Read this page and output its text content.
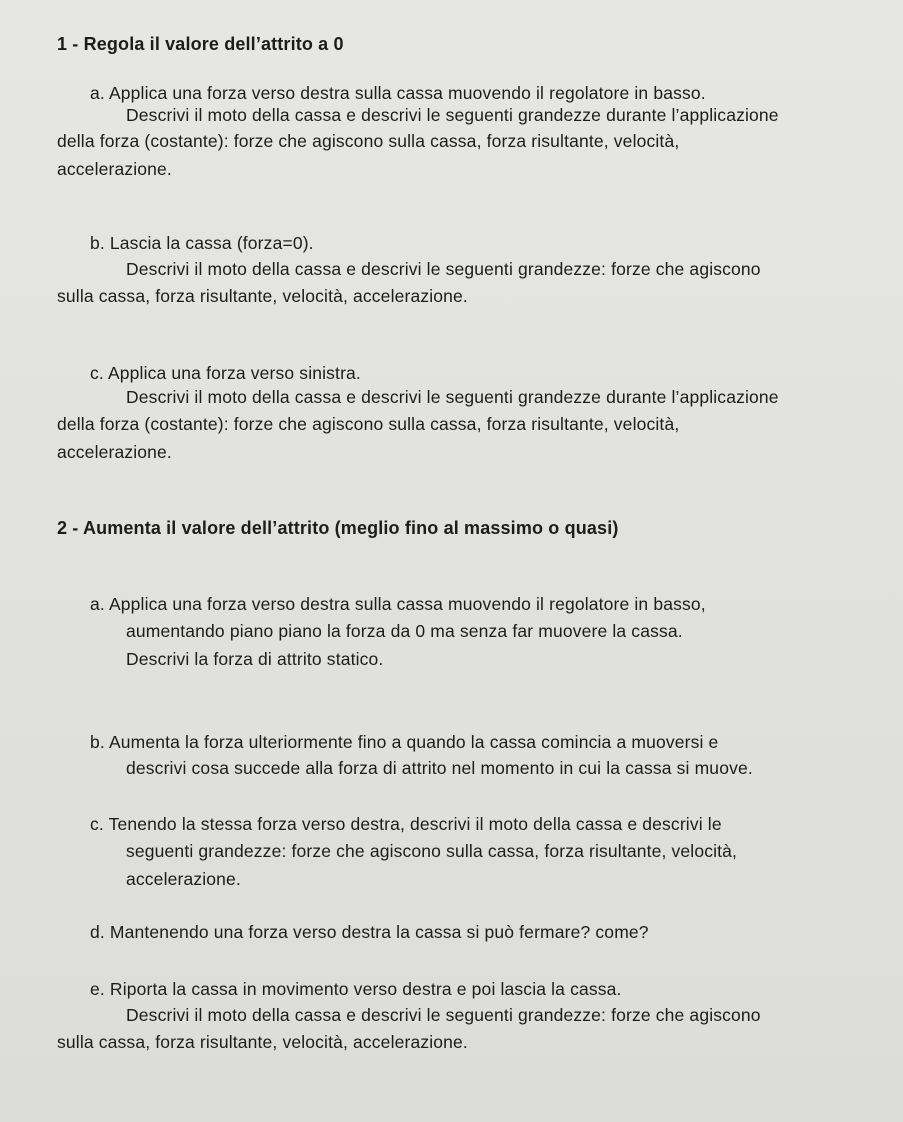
1 - Regola il valore dell’attrito a 0
a. Applica una forza verso destra sulla cassa muovendo il regolatore in basso.
Descrivi il moto della cassa e descrivi le seguenti grandezze durante l’applicazione
della forza (costante): forze che agiscono sulla cassa, forza risultante, velocità,
accelerazione.
b. Lascia la cassa (forza=0).
Descrivi il moto della cassa e descrivi le seguenti grandezze: forze che agiscono
sulla cassa, forza risultante, velocità, accelerazione.
c. Applica una forza verso sinistra.
Descrivi il moto della cassa e descrivi le seguenti grandezze durante l’applicazione
della forza (costante): forze che agiscono sulla cassa, forza risultante, velocità,
accelerazione.
2 - Aumenta il valore dell’attrito (meglio fino al massimo o quasi)
a. Applica una forza verso destra sulla cassa muovendo il regolatore in basso,
aumentando piano piano la forza da 0 ma senza far muovere la cassa.
Descrivi la forza di attrito statico.
b. Aumenta la forza ulteriormente fino a quando la cassa comincia a muoversi e
descrivi cosa succede alla forza di attrito nel momento in cui la cassa si muove.
c. Tenendo la stessa forza verso destra, descrivi il moto della cassa e descrivi le
seguenti grandezze: forze che agiscono sulla cassa, forza risultante, velocità,
accelerazione.
d. Mantenendo una forza verso destra la cassa si può fermare? come?
e. Riporta la cassa in movimento verso destra e poi lascia la cassa.
Descrivi il moto della cassa e descrivi le seguenti grandezze: forze che agiscono
sulla cassa, forza risultante, velocità, accelerazione.
